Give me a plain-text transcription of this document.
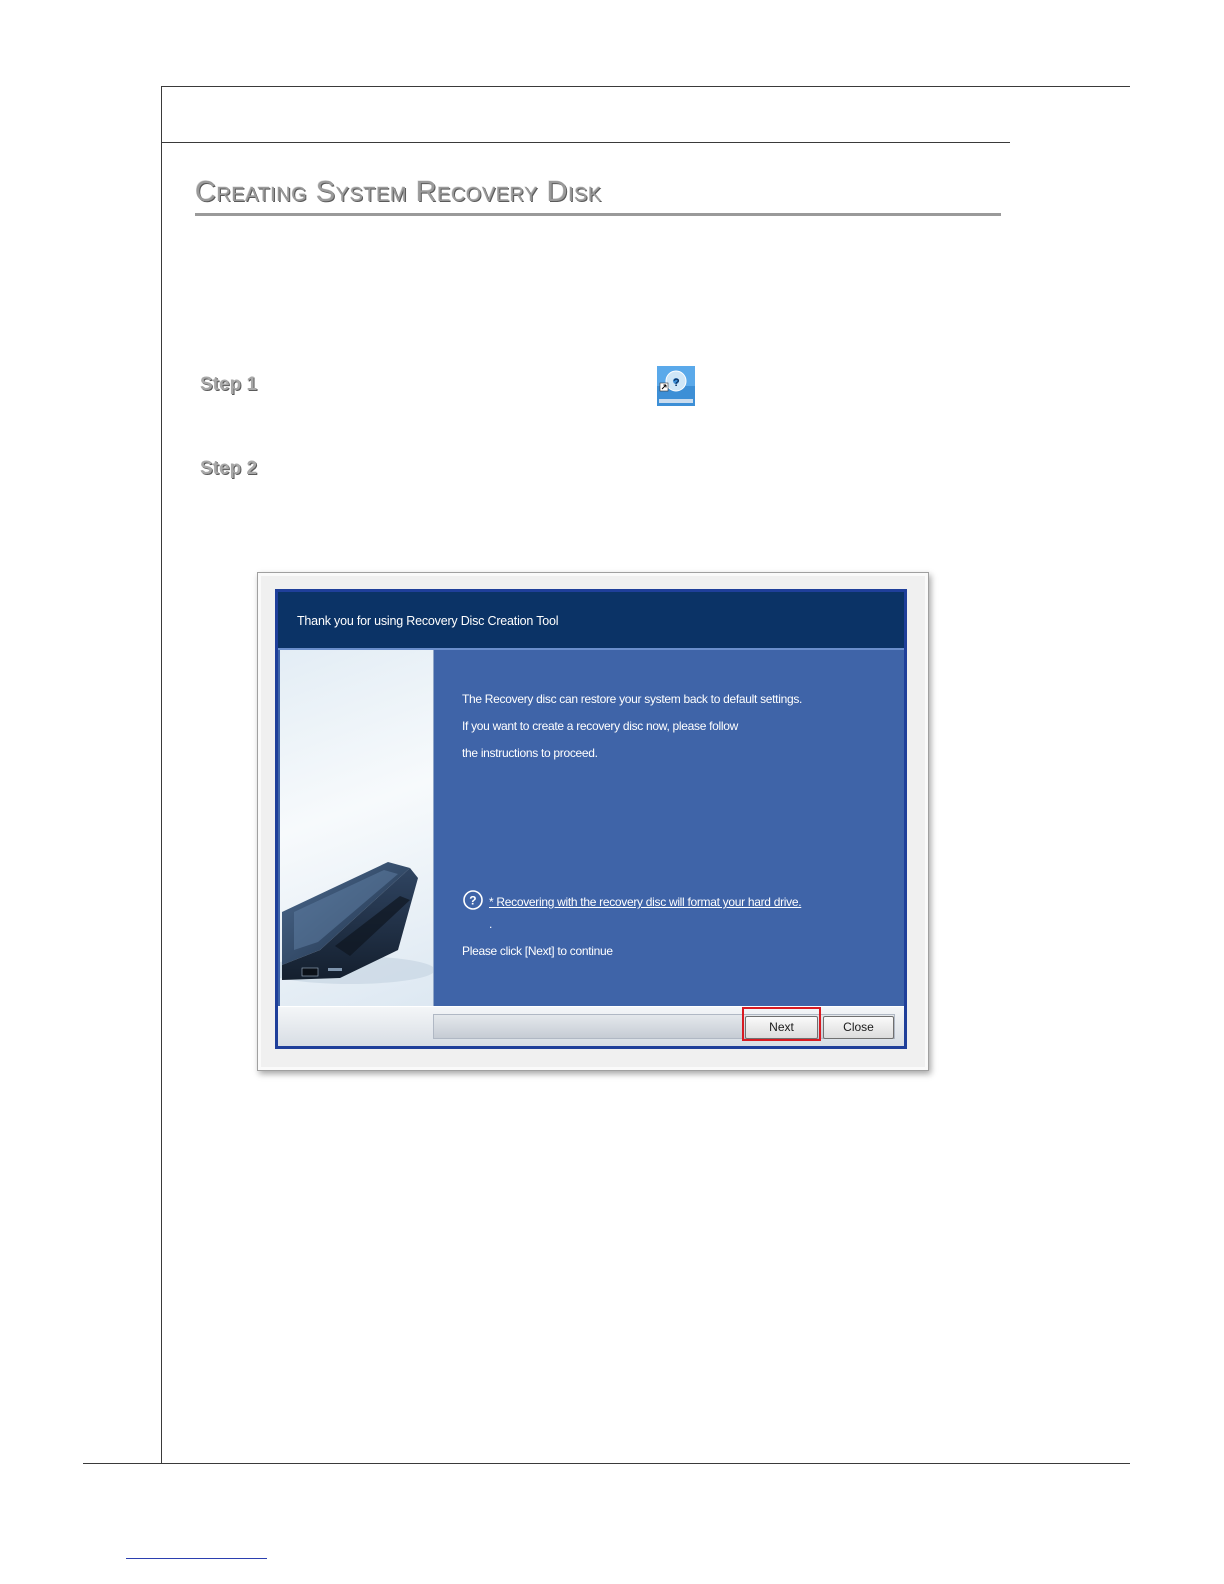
Creating System Recovery Disk
Step 1	?
Step 2
Thank you for using Recovery Disc Creation Tool
The Recovery disc can restore your system back to default settings.
If you want to create a recovery disc now, please follow
the instructions to proceed.
? * Recovering with the recovery disc will format your hard drive.
.
Please click [Next] to continue
Next	Close
